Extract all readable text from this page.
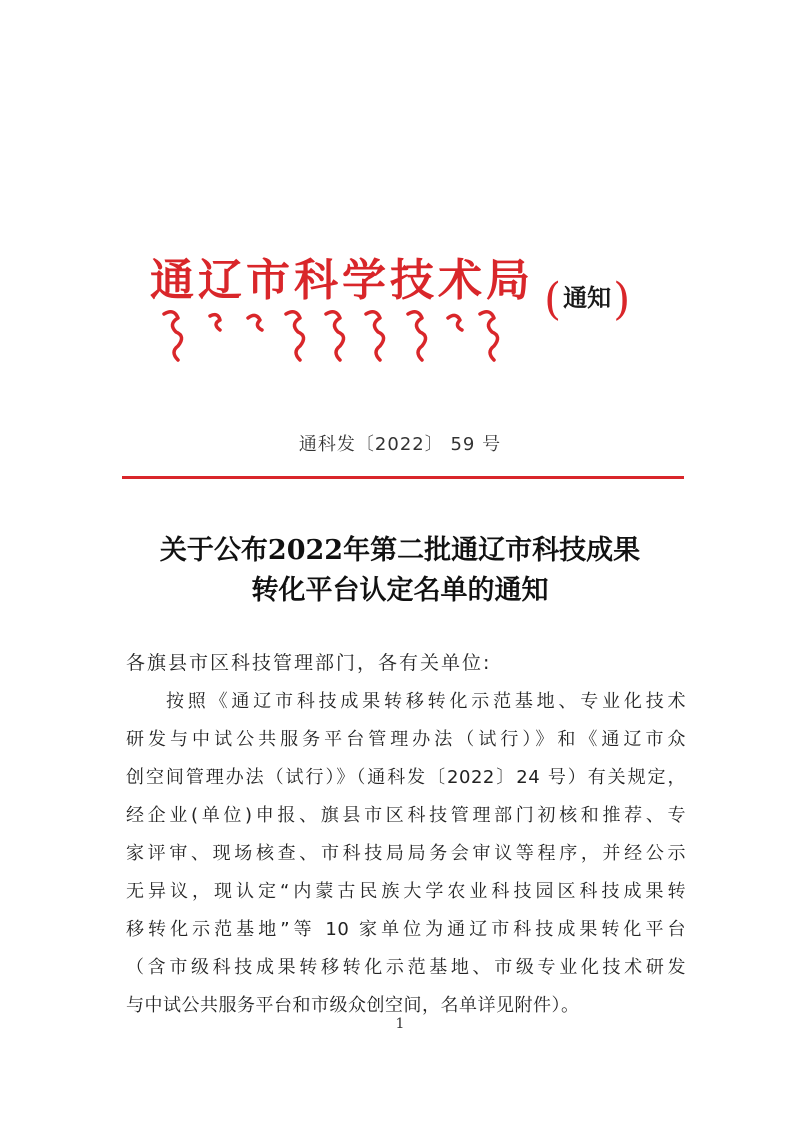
通辽市科学技术局 (通知)
通科发〔2022〕 59 号
关于公布2022年第二批通辽市科技成果
转化平台认定名单的通知
各旗县市区科技管理部门，各有关单位:
按照《通辽市科技成果转移转化示范基地、专业化技术
研发与中试公共服务平台管理办法（试行）》和《通辽市众
创空间管理办法（试行）》（通科发〔2022〕24 号）有关规定，
经企业(单位)申报、旗县市区科技管理部门初核和推荐、专
家评审、现场核查、市科技局局务会审议等程序，并经公示
无异议，现认定“内蒙古民族大学农业科技园区科技成果转
移转化示范基地”等 10 家单位为通辽市科技成果转化平台
（含市级科技成果转移转化示范基地、市级专业化技术研发
与中试公共服务平台和市级众创空间，名单详见附件）。
1
